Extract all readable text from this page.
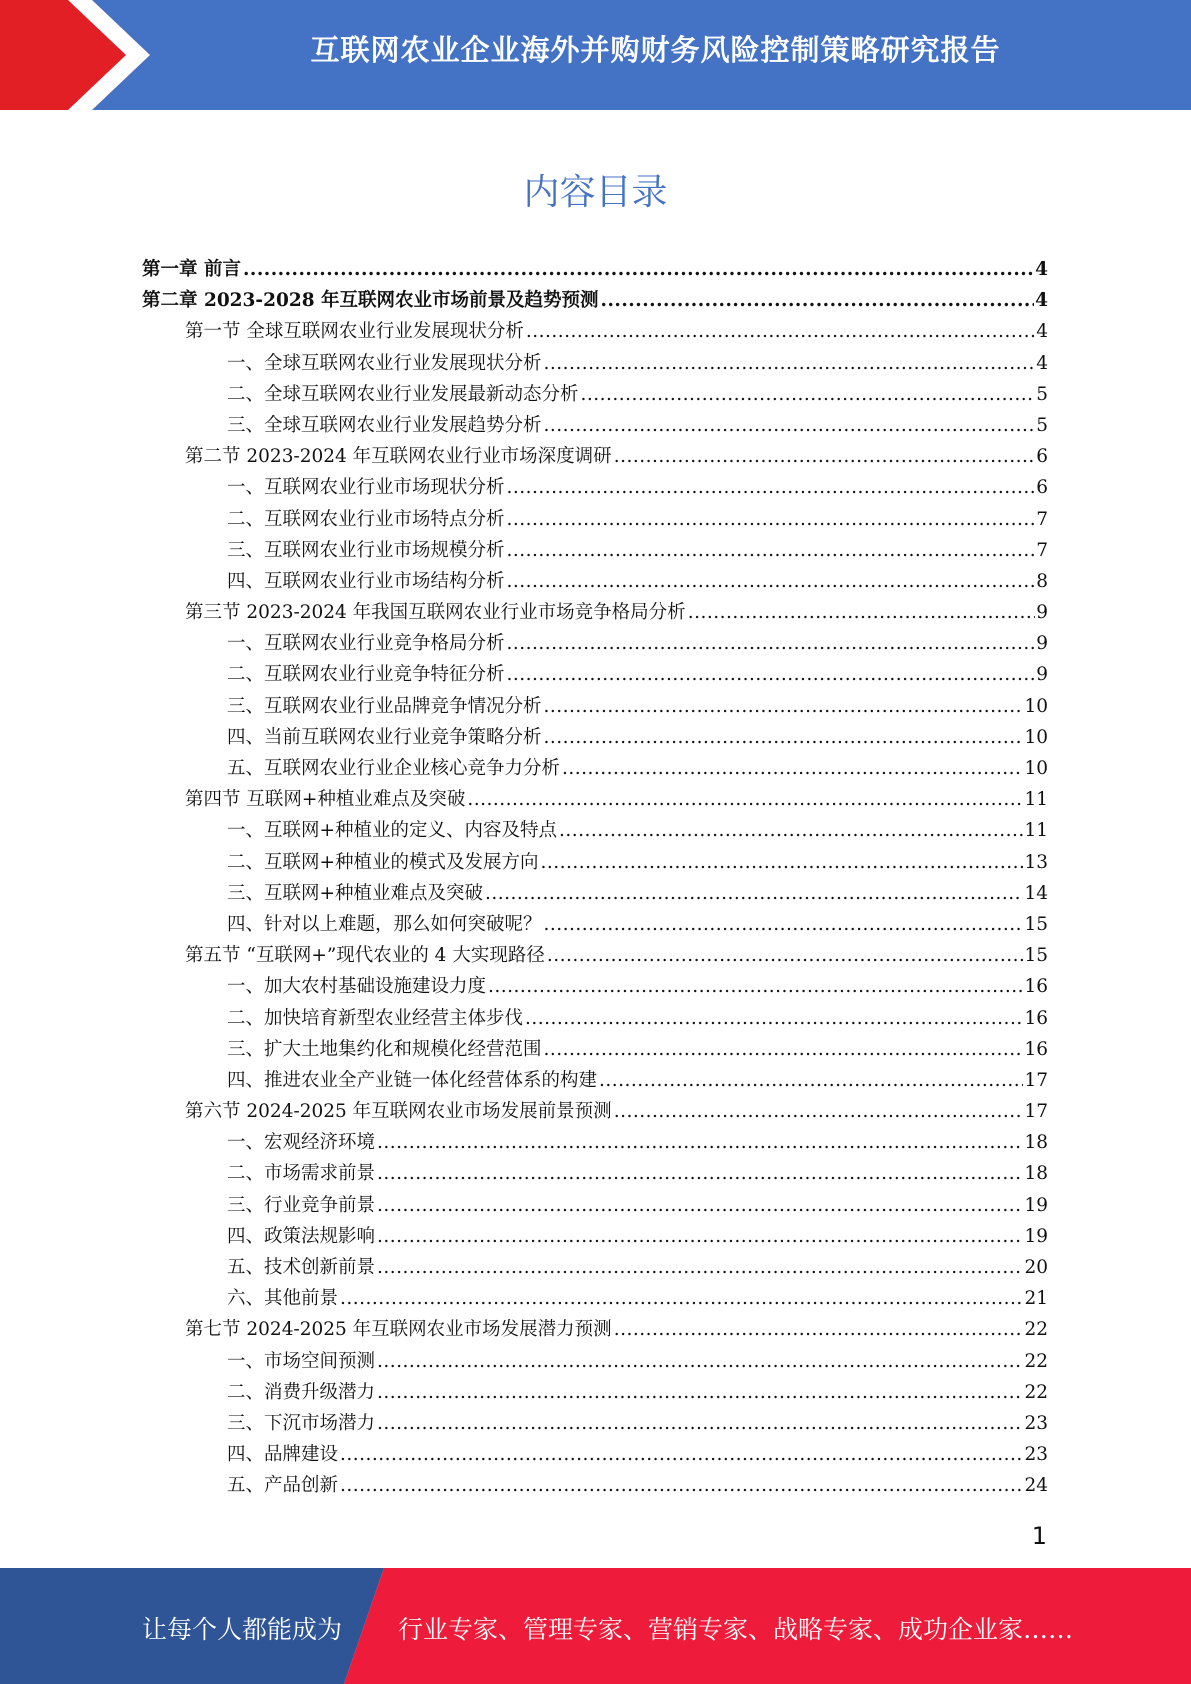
互联网农业企业海外并购财务风险控制策略研究报告
内容目录
第一章 前言 .....	4
第二章 2023-2028 年互联网农业市场前景及趋势预测 .....	4
第一节 全球互联网农业行业发展现状分析 .....	4
一、全球互联网农业行业发展现状分析 .....	4
二、全球互联网农业行业发展最新动态分析 .....	5
三、全球互联网农业行业发展趋势分析 .....	5
第二节 2023-2024 年互联网农业行业市场深度调研 .....	6
一、互联网农业行业市场现状分析 .....	6
二、互联网农业行业市场特点分析 .....	7
三、互联网农业行业市场规模分析 .....	7
四、互联网农业行业市场结构分析 .....	8
第三节 2023-2024 年我国互联网农业行业市场竞争格局分析 .....	9
一、互联网农业行业竞争格局分析 .....	9
二、互联网农业行业竞争特征分析 .....	9
三、互联网农业行业品牌竞争情况分析 .....	10
四、当前互联网农业行业竞争策略分析 .....	10
五、互联网农业行业企业核心竞争力分析 .....	10
第四节 互联网+种植业难点及突破 .....	11
一、互联网+种植业的定义、内容及特点 .....	11
二、互联网+种植业的模式及发展方向 .....	13
三、互联网+种植业难点及突破 .....	14
四、针对以上难题，那么如何突破呢？ .....	15
第五节 “互联网+”现代农业的 4 大实现路径 .....	15
一、加大农村基础设施建设力度 .....	16
二、加快培育新型农业经营主体步伐 .....	16
三、扩大土地集约化和规模化经营范围 .....	16
四、推进农业全产业链一体化经营体系的构建 .....	17
第六节 2024-2025 年互联网农业市场发展前景预测 .....	17
一、宏观经济环境 .....	18
二、市场需求前景 .....	18
三、行业竞争前景 .....	19
四、政策法规影响 .....	19
五、技术创新前景 .....	20
六、其他前景 .....	21
第七节 2024-2025 年互联网农业市场发展潜力预测 .....	22
一、市场空间预测 .....	22
二、消费升级潜力 .....	22
三、下沉市场潜力 .....	23
四、品牌建设 .....	23
五、产品创新 .....	24
1
让每个人都能成为 行业专家、管理专家、营销专家、战略专家、成功企业家……
